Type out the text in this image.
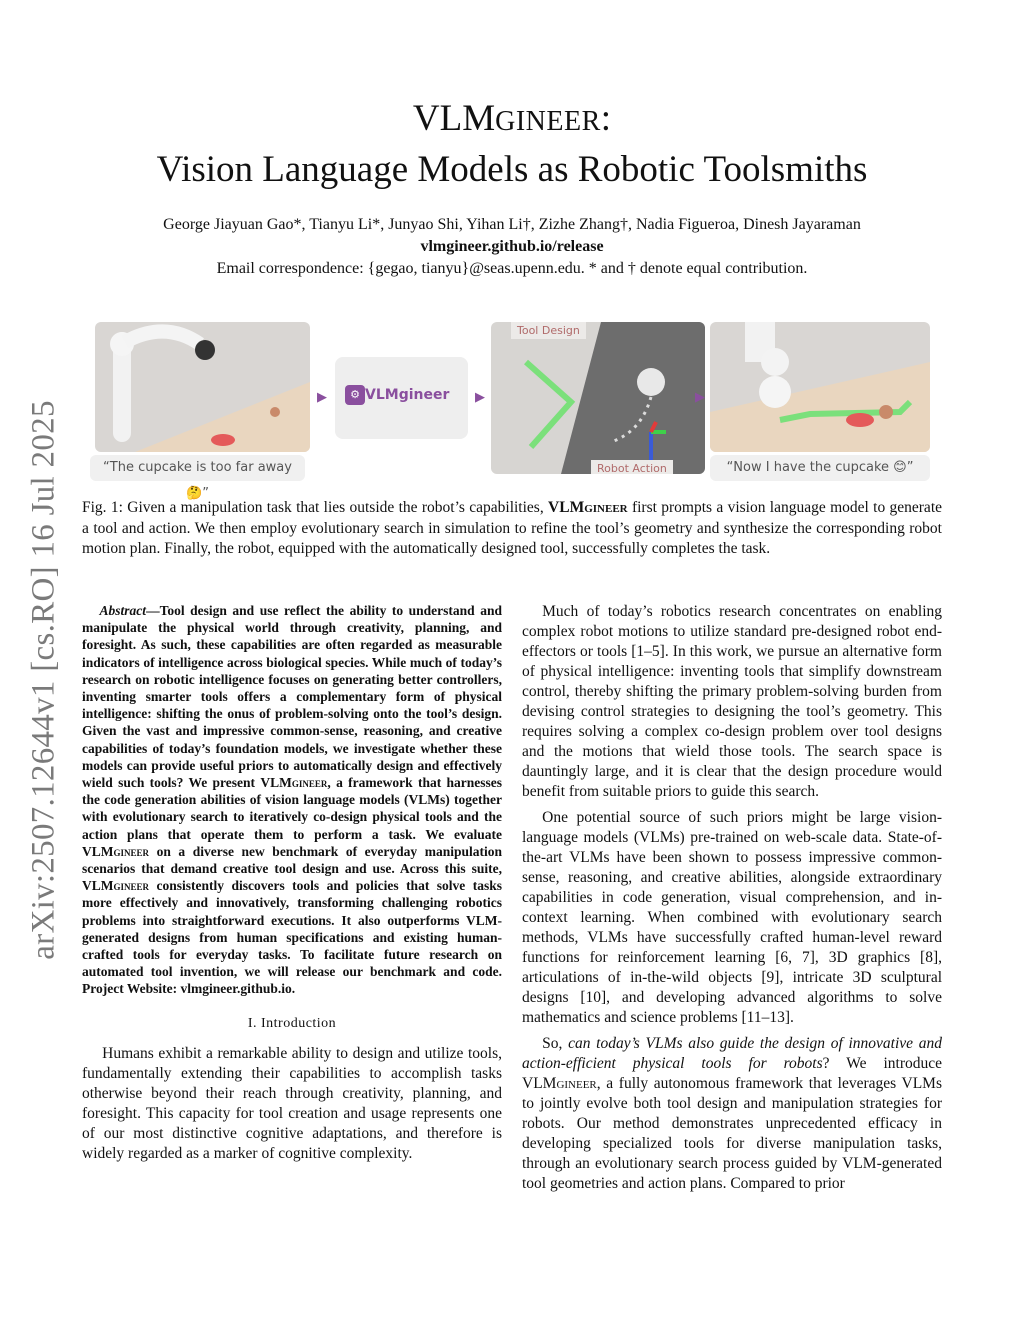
arXiv:2507.12644v1 [cs.RO] 16 Jul 2025
VLMGINEER:
Vision Language Models as Robotic Toolsmiths
George Jiayuan Gao*, Tianyu Li*, Junyao Shi, Yihan Li†, Zizhe Zhang†, Nadia Figueroa, Dinesh Jayaraman
vlmgineer.github.io/release
Email correspondence: {gegao, tianyu}@seas.upenn.edu. * and † denote equal contribution.
▶	⚙ VLMgineer ▶
Tool Design
Robot Action
▶
“The cupcake is too far away 🤔”
“Now I have the cupcake 😊”
Fig. 1: Given a manipulation task that lies outside the robot’s capabilities, VLMgineer first prompts a vision language model to generate a tool and action. We then employ evolutionary search in simulation to refine the tool’s geometry and synthesize the corresponding robot motion plan. Finally, the robot, equipped with the automatically designed tool, successfully completes the task.

Abstract—Tool design and use reflect the ability to understand and manipulate the physical world through creativity, planning, and foresight. As such, these capabilities are often regarded as measurable indicators of intelligence across biological species. While much of today’s research on robotic intelligence focuses on generating better controllers, inventing smarter tools offers a complementary form of physical intelligence: shifting the onus of problem-solving onto the tool’s design. Given the vast and impressive common-sense, reasoning, and creative capabilities of today’s foundation models, we investigate whether these models can provide useful priors to automatically design and effectively wield such tools? We present VLMgineer, a framework that harnesses the code generation abilities of vision language models (VLMs) together with evolutionary search to iteratively co-design physical tools and the action plans that operate them to perform a task. We evaluate VLMgineer on a diverse new benchmark of everyday manipulation scenarios that demand creative tool design and use. Across this suite, VLMgineer consistently discovers tools and policies that solve tasks more effectively and innovatively, transforming challenging robotics problems into straightforward executions. It also outperforms VLM-generated designs from human specifications and existing human-crafted tools for everyday tasks. To facilitate future research on automated tool invention, we will release our benchmark and code. Project Website: vlmgineer.github.io.

I. Introduction

Humans exhibit a remarkable ability to design and utilize tools, fundamentally extending their capabilities to accomplish tasks otherwise beyond their reach through creativity, planning, and foresight. This capacity for tool creation and usage represents one of our most distinctive cognitive adaptations, and therefore is widely regarded as a marker of cognitive complexity.

Much of today’s robotics research concentrates on enabling complex robot motions to utilize standard pre-designed robot end-effectors or tools [1–5]. In this work, we pursue an alternative form of physical intelligence: inventing tools that simplify downstream control, thereby shifting the primary problem-solving burden from devising control strategies to designing the tool’s geometry. This requires solving a complex co-design problem over tool designs and the motions that wield those tools. The search space is dauntingly large, and it is clear that the design procedure would benefit from suitable priors to guide this search.

One potential source of such priors might be large vision-language models (VLMs) pre-trained on web-scale data. State-of-the-art VLMs have been shown to possess impressive common-sense, reasoning, and creative abilities, alongside extraordinary capabilities in code generation, visual comprehension, and in-context learning. When combined with evolutionary search methods, VLMs have successfully crafted human-level reward functions for reinforcement learning [6, 7], 3D graphics [8], articulations of in-the-wild objects [9], intricate 3D sculptural designs [10], and developing advanced algorithms to solve mathematics and science problems [11–13].

So, can today’s VLMs also guide the design of innovative and action-efficient physical tools for robots? We introduce VLMgineer, a fully autonomous framework that leverages VLMs to jointly evolve both tool design and manipulation strategies for robots. Our method demonstrates unprecedented efficacy in developing specialized tools for diverse manipulation tasks, through an evolutionary search process guided by VLM-generated tool geometries and action plans. Compared to prior
